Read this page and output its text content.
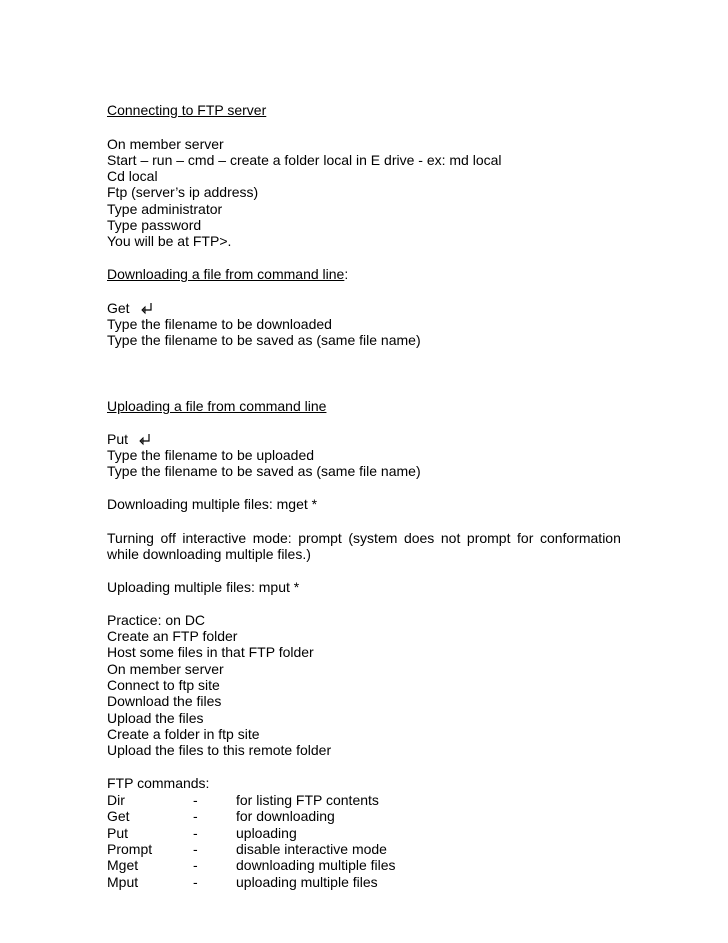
Connecting to FTP server
On member server
Start – run – cmd – create a folder local in E drive - ex: md local
Cd local
Ftp (server’s ip address)
Type administrator
Type password
You will be at FTP>.
Downloading a file from command line:
Get
Type the filename to be downloaded
Type the filename to be saved as (same file name)
Uploading a file from command line
Put
Type the filename to be uploaded
Type the filename to be saved as (same file name)
Downloading multiple files: mget *
Turning off interactive mode: prompt (system does not prompt for conformation
while downloading multiple files.)
Uploading multiple files: mput *
Practice: on DC
Create an FTP folder
Host some files in that FTP folder
On member server
Connect to ftp site
Download the files
Upload the files
Create a folder in ftp site
Upload the files to this remote folder
FTP commands:
Dir	-	for listing FTP contents
Get	-	for downloading
Put	-	uploading
Prompt	-	disable interactive mode
Mget	-	downloading multiple files
Mput	-	uploading multiple files
